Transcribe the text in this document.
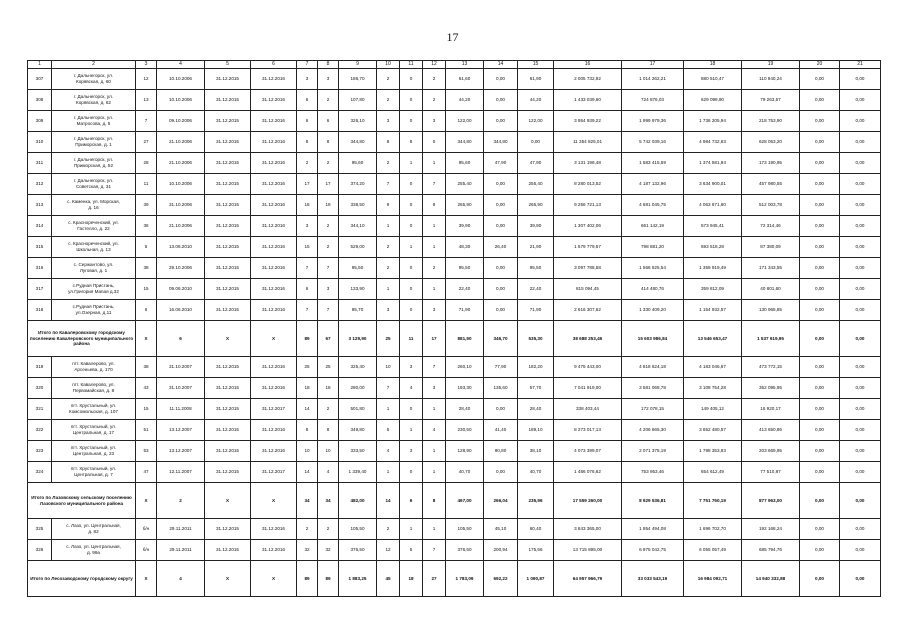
17
1	2	3	4	5	6	7	8	9	10	11	12	13	14	15	16	17	18	19	20	21
307	г. Дальнегорск, ул.
Корявская, д. 60	12	10.10.2006	31.12.2015	31.12.2016	3	3	186,70	2	0	2	61,60	0,00	61,90	2 005 732,92	1 014 262,21	880 510,47	110 940,24	0,00	0,00
308	г. Дальнегорск, ул.
Корявская, д. 62	13	10.10.2006	31.12.2015	31.12.2016	6	2	107,80	2	0	2	44,20	0,00	44,20	1 433 039,60	724 876,03	629 099,90	79 263,67	0,00	0,00
309	г. Дальнегорск, ул.
Матросова, д. 5	7	09.10.2006	31.12.2015	31.12.2016	6	6	326,10	3	0	3	122,00	0,00	122,00	3 954 939,22	1 999 979,36	1 736 205,94	218 753,90	0,00	0,00
310	г. Дальнегорск, ул.
Приморская, д. 1	27	21.10.2006	31.12.2015	31.12.2016	8	8	344,80	8	8	0	344,80	344,80	0,00	11 354 825,01	5 742 039,16	4 984 732,63	628 053,20	0,00	0,00
311	г. Дальнегорск, ул.
Приморская, д. 52	28	21.10.2006	31.12.2015	31.12.2016	2	2	95,60	2	1	1	95,60	47,90	47,90	3 131 198,48	1 583 415,59	1 374 581,94	173 190,95	0,00	0,00
312	г. Дальнегорск, ул.
Советская, д. 31	11	10.10.2006	31.12.2015	31.12.2016	17	17	374,20	7	0	7	255,40	0,00	255,40	8 280 013,52	4 187 132,96	3 634 900,01	457 980,55	0,00	0,00
313	с. Каменка, ул. Морская,
д. 16	39	31.10.2006	31.12.2015	31.12.2016	18	18	338,50	9	0	9	265,90	0,00	265,90	9 256 721,13	4 681 045,75	4 063 671,60	512 003,78	0,00	0,00
314	с. Краснореченский, ул.
Гастелло, д. 22	36	21.10.2006	31.12.2015	31.12.2016	3	2	344,10	1	0	1	39,90	0,00	39,90	1 307 402,06	661 142,19	573 945,41	72 314,46	0,00	0,00
315	с. Краснореченский, ул.
Школьная, д. 13	5	13.06.2010	31.12.2015	31.12.2016	15	2	529,00	2	1	1	48,30	26,40	21,90	1 579 779,57	798 881,20	693 518,28	87 380,09	0,00	0,00
316	с. Сержантово, ул.
Луговая, д. 1	38	29.10.2006	31.12.2015	31.12.2016	7	7	95,50	2	0	2	95,50	0,00	95,50	3 097 788,58	1 566 525,54	1 359 919,49	171 343,55	0,00	0,00
317	с.Рудная Пристань,
ул.Григория Мапая д.32	15	09.06.2010	31.12.2015	31.12.2016	6	3	133,90	1	0	1	22,40	0,00	22,40	815 094,45	414 480,76	359 812,09	40 801,60	0,00	0,00
318	с.Рудная Пристань,
ул.Озерная, д.11	6	16.06.2010	31.12.2015	31.12.2016	7	7	95,70	3	0	3	71,90	0,00	71,90	2 616 307,62	1 330 409,20	1 154 932,57	130 965,85	0,00	0,00
Итого по Кавалеровскому городскому поселению Кавалеровского муниципального района		X	6	X	X	89	67	3 129,90	25	11	17	881,90	346,70	535,30	38 688 253,46	15 603 986,84	13 546 653,47	1 537 619,95	0,00	0,00
319	пгт. Кавалерово, ул.
Арсеньева, д. 170	38	31.10.2007	31.12.2015	31.12.2016	25	25	325,40	10	3	7	260,10	77,90	182,20	9 475 443,00	4 818 624,18	4 183 046,67	473 772,15	0,00	0,00
320	пгт. Кавалерово, ул.
Первомайская, д. 8	43	31.10.2007	31.12.2015	31.12.2016	18	18	280,00	7	4	3	193,30	135,60	57,70	7 041 919,00	3 581 068,78	3 108 754,28	352 095,95	0,00	0,00
321	пгт. Хрустальный, ул.
Комсомольская, д. 107	15	11.11.2008	31.12.2015	31.12.2017	14	2	501,80	1	0	1	28,40	0,00	28,40	338 403,44	172 078,15	149 405,12	16 920,17	0,00	0,00
322	пгт. Хрустальный, ул.
Центральная, д. 17	51	13.12.2007	31.12.2015	31.12.2016	8	8	349,80	5	1	4	230,50	41,40	189,10	8 273 017,13	4 206 665,30	3 652 480,57	413 650,86	0,00	0,00
323	пгт. Хрустальный, ул.
Центральная, д. 23	53	13.12.2007	31.12.2015	31.12.2016	10	10	333,50	4	3	1	128,90	90,80	38,10	4 073 399,07	2 071 375,19	1 798 353,93	203 669,95	0,00	0,00
324	пгт. Хрустальный, ул.
Центральная, д. 7	47	12.11.2007	31.12.2015	31.12.2017	14	4	1 339,40	1	0	1	40,70	0,00	40,70	1 486 076,62	753 953,46	654 612,49	77 510,87	0,00	0,00
Итого по Лазовскому сельскому поселению Лазовского муниципального района		X	2	X	X	34	34	482,00	14	6	8	467,00	266,04	235,96	17 559 260,00	8 929 536,81	7 751 760,19	877 963,00	0,00	0,00
325	с. Лазо, ул. Центральная,
д. 82	б/н	29.11.2011	31.12.2015	31.12.2016	2	2	105,50	2	1	1	105,50	45,10	60,40	3 843 365,00	1 954 494,08	1 696 702,70	192 168,24	0,00	0,00
326	с. Лазо, ул. Центральная,
д. 99а	б/н	29.11.2011	31.12.2015	31.12.2016	32	32	376,50	12	5	7	376,50	200,94	175,56	13 715 895,00	6 975 042,75	6 055 057,49	685 794,76	0,00	0,00
Итого по Лесозаводскому городскому округу		X	4	X	X	89	89	1 883,25	45	18	27	1 783,09	692,22	1 090,87	64 957 966,79	33 033 543,19	16 984 092,71	14 940 332,88	0,00	0,00
